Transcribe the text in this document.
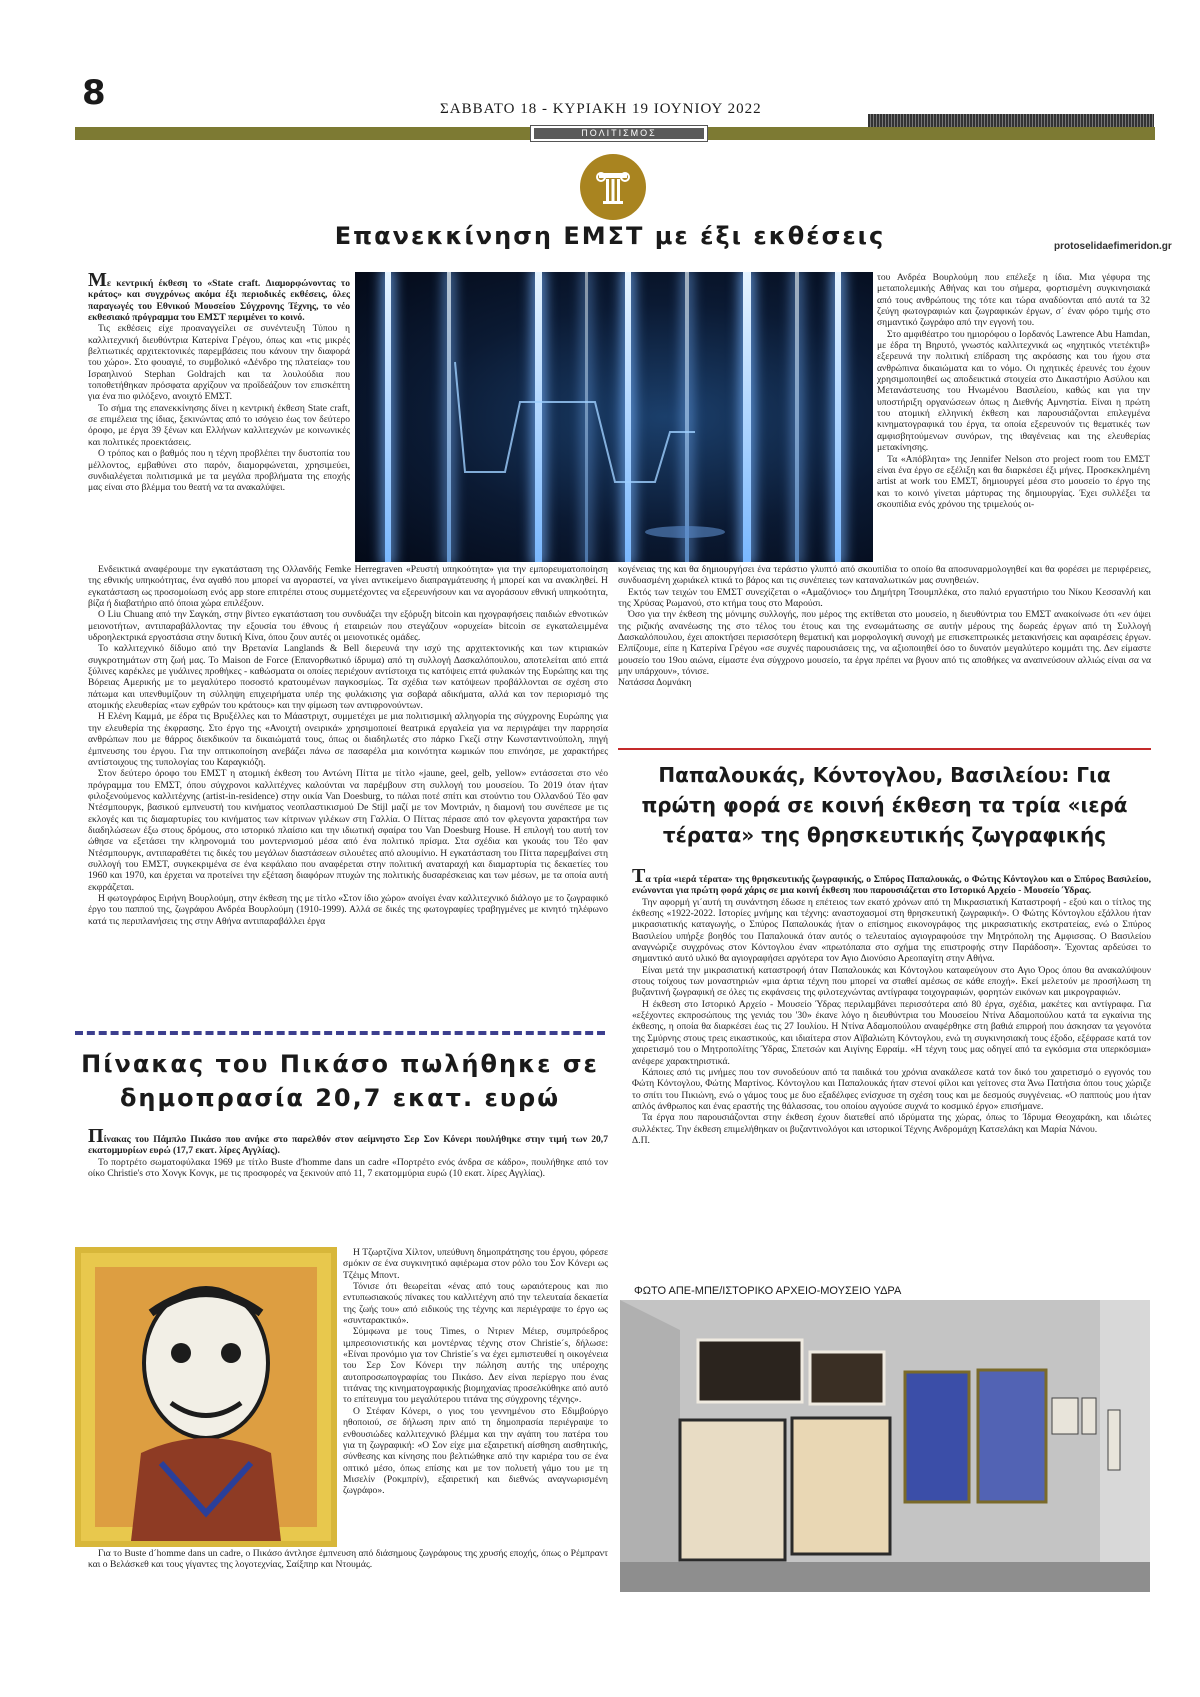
8	ΣΑΒΒΑΤΟ 18 - ΚΥΡΙΑΚΗ 19 ΙΟΥΝΙΟΥ 2022
ΠΟΛΙΤΙΣΜΟΣ
Επανεκκίνηση ΕΜΣΤ με έξι εκθέσεις	protoselidaefimeridon.gr

Με κεντρική έκθεση το «State craft. Διαμορφώνοντας το κράτος» και συγχρόνως ακόμα έξι περιοδικές εκθέσεις, όλες παραγωγές του Εθνικού Μουσείου Σύγχρονης Τέχνης, το νέο εκθεσιακό πρόγραμμα του ΕΜΣΤ περιμένει το κοινό.

Τις εκθέσεις είχε προαναγγείλει σε συνέντευξη Τύπου η καλλιτεχνική διευθύντρια Κατερίνα Γρέγου, όπως και «τις μικρές βελτιωτικές αρχιτεκτονικές παρεμβάσεις που κάνουν την διαφορά του χώρο». Στο φουαγιέ, το συμβολικό «Δένδρο της πλατείας» του Ισραηλινού Stephan Goldrajch και τα λουλούδια που τοποθετήθηκαν πρόσφατα αρχίζουν να προϊδεάζουν τον επισκέπτη για ένα πιο φιλόξενο, ανοιχτό ΕΜΣΤ.

Το σήμα της επανεκκίνησης δίνει η κεντρική έκθεση State craft, σε επιμέλεια της ίδιας, ξεκινώντας από το ισόγειο έως τον δεύτερο όροφο, με έργα 39 ξένων και Ελλήνων καλλιτεχνών με κοινωνικές και πολιτικές προεκτάσεις.

Ο τρόπος και ο βαθμός που η τέχνη προβλέπει την δυστοπία του μέλλοντος, εμβαθύνει στο παρόν, διαμορφώνεται, χρησιμεύει, συνδιαλέγεται πολιτισμικά με τα μεγάλα προβλήματα της εποχής μας είναι στο βλέμμα του θεατή να τα ανακαλύψει.

του Ανδρέα Βουρλούμη που επέλεξε η ίδια. Μια γέφυρα της μεταπολεμικής Αθήνας και του σήμερα, φορτισμένη συγκινησιακά από τους ανθρώπους της τότε και τώρα αναδύονται από αυτά τα 32 ζεύγη φωτογραφιών και ζωγραφικών έργων, σ΄ έναν φόρο τιμής στο σημαντικό ζωγράφο από την εγγονή του.

Στο αμφιθέατρο του ημιορόφου ο Ιορδανός Lawrence Abu Hamdan, με έδρα τη Βηρυτό, γνωστός καλλιτεχνικά ως «ηχητικός ντετέκτιβ» εξερευνά την πολιτική επίδραση της ακρόασης και του ήχου στα ανθρώπινα δικαιώματα και το νόμο. Οι ηχητικές έρευνές του έχουν χρησιμοποιηθεί ως αποδεικτικά στοιχεία στο Δικαστήριο Ασύλου και Μετανάστευσης του Ηνωμένου Βασιλείου, καθώς και για την υποστήριξη οργανώσεων όπως η Διεθνής Αμνηστία. Είναι η πρώτη του ατομική ελληνική έκθεση και παρουσιάζονται επιλεγμένα κινηματογραφικά του έργα, τα οποία εξερευνούν τις θεματικές των αμφισβητούμενων συνόρων, της ιθαγένειας και της ελευθερίας μετακίνησης.

Τα «Απόβλητα» της Jennifer Nelson στο project room του ΕΜΣΤ είναι ένα έργο σε εξέλιξη και θα διαρκέσει έξι μήνες. Προσκεκλημένη artist at work του ΕΜΣΤ, δημιουργεί μέσα στο μουσείο το έργο της και το κοινό γίνεται μάρτυρας της δημιουργίας. Έχει συλλέξει τα σκουπίδια ενός χρόνου της τριμελούς οι-

Ενδεικτικά αναφέρουμε την εγκατάσταση της Ολλανδής Femke Herregraven «Ρευστή υπηκοότητα» για την εμπορευματοποίηση της εθνικής υπηκοότητας, ένα αγαθό που μπορεί να αγοραστεί, να γίνει αντικείμενο διαπραγμάτευσης ή μπορεί και να ανακληθεί. Η εγκατάσταση ως προσομοίωση ενός app store επιτρέπει στους συμμετέχοντες να εξερευνήσουν και να αγοράσουν εθνική υπηκοότητα, βίζα ή διαβατήριο από όποια χώρα επιλέξουν.

Ο Liu Chuang από την Σαγκάη, στην βίντεο εγκατάσταση του συνδυάζει την εξόρυξη bitcoin και ηχογραφήσεις παιδιών εθνοτικών μειονοτήτων, αντιπαραβάλλοντας την εξουσία του έθνους ή εταιρειών που στεγάζουν «ορυχεία» bitcoin σε εγκαταλειμμένα υδροηλεκτρικά εργοστάσια στην δυτική Κίνα, όπου ζουν αυτές οι μειονοτικές ομάδες.

Το καλλιτεχνικό δίδυμο από την Βρετανία Langlands & Bell διερευνά την ισχύ της αρχιτεκτονικής και των κτιριακών συγκροτημάτων στη ζωή μας. Το Maison de Force (Επανορθωτικό ίδρυμα) από τη συλλογή Δασκαλόπουλου, αποτελείται από επτά ξύλινες καρέκλες με γυάλινες προθήκες - καθώσματα οι οποίες περιέχουν αντίστοιχα τις κατόψεις επτά φυλακών της Ευρώπης και της Βόρειας Αμερικής με το μεγαλύτερο ποσοστό κρατουμένων παγκοσμίως. Τα σχέδια των κατόψεων προβάλλονται σε σχέση στο πάτωμα και υπενθυμίζουν τη σύλληψη επιχειρήματα υπέρ της φυλάκισης για σοβαρά αδικήματα, αλλά και τον περιορισμό της ατομικής ελευθερίας «των εχθρών του κράτους» και την φίμωση των αντιφρονούντων.

Η Ελένη Καμμά, με έδρα τις Βρυξέλλες και το Μάαστριχτ, συμμετέχει με μια πολιτισμική αλληγορία της σύγχρονης Ευρώπης για την ελευθερία της έκφρασης. Στο έργο της «Ανοιχτή ονειρικά» χρησιμοποιεί θεατρικά εργαλεία για να περιγράψει την παρρησία ανθρώπων που με θάρρος διεκδικούν τα δικαιώματά τους, όπως οι διαδηλωτές στο πάρκο Γκεζί στην Κωνσταντινούπολη, πηγή έμπνευσης του έργου. Για την οπτικοποίηση ανεβάζει πάνω σε πασαρέλα μια κοινότητα κωμικών που επινόησε, με χαρακτήρες αντίστοιχους της τυπολογίας του Καραγκιόζη.

Στον δεύτερο όροφο του ΕΜΣΤ η ατομική έκθεση του Αντώνη Πίττα με τίτλο «jaune, geel, gelb, yellow» εντάσσεται στο νέο πρόγραμμα του ΕΜΣΤ, όπου σύγχρονοι καλλιτέχνες καλούνται να παρέμβουν στη συλλογή του μουσείου. Το 2019 όταν ήταν φιλοξενούμενος καλλιτέχνης (artist-in-residence) στην οικία Van Doesburg, το πάλαι ποτέ σπίτι και στούντιο του Ολλανδού Τέο φαν Ντέσμπουργκ, βασικού εμπνευστή του κινήματος νεοπλαστικισμού De Stijl μαζί με τον Μοντριάν, η διαμονή του συνέπεσε με τις εκλογές και τις διαμαρτυρίες του κινήματος των κίτρινων γιλέκων στη Γαλλία. Ο Πίττας πέρασε από τον φλεγοντα χαρακτήρα των διαδηλώσεων έξω στους δρόμους, στο ιστορικό πλαίσιο και την ιδιωτική σφαίρα του Van Doesburg House. Η επιλογή του αυτή τον ώθησε να εξετάσει την κληρονομιά του μοντερνισμού μέσα από ένα πολιτικό πρίσμα. Στα σχέδια και γκουάς του Τέο φαν Ντέσμπουργκ, αντιπαραθέτει τις δικές του μεγάλων διαστάσεων σιλουέτες από αλουμίνιο. Η εγκατάσταση του Πίττα παρεμβαίνει στη συλλογή του ΕΜΣΤ, συγκεκριμένα σε ένα κεφάλαιο που αναφέρεται στην πολιτική αναταραχή και διαμαρτυρία τις δεκαετίες του 1960 και 1970, και έρχεται να προτείνει την εξέταση διαφόρων πτυχών της πολιτικής δυσαρέσκειας και των μέσων, με τα οποία αυτή εκφράζεται.

Η φωτογράφος Ειρήνη Βουρλούμη, στην έκθεση της με τίτλο «Στον ίδιο χώρο» ανοίγει έναν καλλιτεχνικό διάλογο με το ζωγραφικό έργο του παππού της, ζωγράφου Ανδρέα Βουρλούμη (1910-1999). Αλλά σε δικές της φωτογραφίες τραβηγμένες με κινητό τηλέφωνο κατά τις περιπλανήσεις της στην Αθήνα αντιπαραβάλλει έργα

κογένειας της και θα δημιουργήσει ένα τεράστιο γλυπτό από σκουπίδια το οποίο θα αποσυναρμολογηθεί και θα φορέσει με περιφέρειες, συνδυασμένη χωριάκελ κτικά το βάρος και τις συνέπειες των καταναλωτικών μας συνηθειών.

Εκτός των τειχών του ΕΜΣΤ συνεχίζεται ο «Αμαζόνιος» του Δημήτρη Τσουμπλέκα, στο παλιό εργαστήριο του Νίκου Κεσσανλή και της Χρύσας Ρωμανού, στο κτήμα τους στο Μαρούσι.

Όσο για την έκθεση της μόνιμης συλλογής, που μέρος της εκτίθεται στο μουσείο, η διευθύντρια του ΕΜΣΤ ανακοίνωσε ότι «εν όψει της ριζικής ανανέωσης της στο τέλος του έτους και της ενσωμάτωσης σε αυτήν μέρους της δωρεάς έργων από τη Συλλογή Δασκαλόπουλου, έχει αποκτήσει περισσότερη θεματική και μορφολογική συνοχή με επισκεπτρωικές μετακινήσεις και αφαιρέσεις έργων. Ελπίζουμε, είπε η Κατερίνα Γρέγου «σε συχνές παρουσιάσεις της, να αξιοποιηθεί όσο το δυνατόν μεγαλύτερο κομμάτι της. Δεν είμαστε μουσείο του 19ου αιώνα, είμαστε ένα σύγχρονο μουσείο, τα έργα πρέπει να βγουν από τις αποθήκες να αναπνεύσουν αλλιώς είναι σα να μην υπάρχουν», τόνισε.

Νατάσσα Δομνάκη

Πίνακας του Πικάσο πωλήθηκε σε δημοπρασία 20,7 εκατ. ευρώ

Πίνακας του Πάμπλο Πικάσο που ανήκε στο παρελθόν στον αείμνηστο Σερ Σον Κόνερι πουλήθηκε στην τιμή των 20,7 εκατομμυρίων ευρώ (17,7 εκατ. λίρες Αγγλίας).

Το πορτρέτο σωματοφύλακα 1969 με τίτλο Buste d'homme dans un cadre «Πορτρέτο ενός άνδρα σε κάδρο», πουλήθηκε από τον οίκο Christie's στο Χονγκ Κονγκ, με τις προσφορές να ξεκινούν από 11, 7 εκατομμύρια ευρώ (10 εκατ. λίρες Αγγλίας).

Η Τζωρτζίνα Χίλτον, υπεύθυνη δημοπράτησης του έργου, φόρεσε σμόκιν σε ένα συγκινητικό αφιέρωμα στον ρόλο του Σον Κόνερι ως Τζέιμς Μποντ.

Τόνισε ότι θεωρείται «ένας από τους ωραιότερους και πιο εντυπωσιακούς πίνακες του καλλιτέχνη από την τελευταία δεκαετία της ζωής του» από ειδικούς της τέχνης και περιέγραψε το έργο ως «συνταρακτικό».

Σύμφωνα με τους Times, ο Ντριεν Μέιερ, συμπρόεδρος ιμπρεσιονιστικής και μοντέρνας τέχνης στον Christie´s, δήλωσε: «Είναι προνόμιο για τον Christie´s να έχει εμπιστευθεί η οικογένεια του Σερ Σον Κόνερι την πώληση αυτής της υπέροχης αυτοπροσωπογραφίας του Πικάσο. Δεν είναι περίεργο που ένας τιτάνας της κινηματογραφικής βιομηχανίας προσελκύθηκε από αυτό το επίτευγμα του μεγαλύτερου τιτάνα της σύγχρονης τέχνης».

Ο Στέφαν Κόνερι, ο γιος του γεννημένου στο Εδιμβούργο ηθοποιού, σε δήλωση πριν από τη δημοπρασία περιέγραψε το ενθουσιώδες καλλιτεχνικό βλέμμα και την αγάπη του πατέρα του για τη ζωγραφική: «Ο Σον είχε μια εξαιρετική αίσθηση αισθητικής, σύνθεσης και κίνησης που βελτιώθηκε από την καριέρα του σε ένα οπτικό μέσο, όπως επίσης και με τον πολυετή γάμο του με τη Μισελίν (Ροκμπρίν), εξαιρετική και διεθνώς αναγνωρισμένη ζωγράφο».

Για το Buste d´homme dans un cadre, ο Πικάσο άντλησε έμπνευση από διάσημους ζωγράφους της χρυσής εποχής, όπως ο Ρέμπραντ και ο Βελάσκεθ και τους γίγαντες της λογοτεχνίας, Σαίξπηρ και Ντουμάς.

Παπαλουκάς, Κόντογλου, Βασιλείου: Για πρώτη φορά σε κοινή έκθεση τα τρία «ιερά τέρατα» της θρησκευτικής ζωγραφικής

Τα τρία «ιερά τέρατα» της θρησκευτικής ζωγραφικής, ο Σπύρος Παπαλουκάς, ο Φώτης Κόντογλου και ο Σπύρος Βασιλείου, ενώνονται για πρώτη φορά χάρις σε μια κοινή έκθεση που παρουσιάζεται στο Ιστορικό Αρχείο - Μουσείο Ύδρας.

Την αφορμή γι΄αυτή τη συνάντηση έδωσε η επέτειος των εκατό χρόνων από τη Μικρασιατική Καταστροφή - εξού και ο τίτλος της έκθεσης «1922-2022. Ιστορίες μνήμης και τέχνης: αναστοχασμοί στη θρησκευτική ζωγραφική». Ο Φώτης Κόντογλου εξάλλου ήταν μικρασιατικής καταγωγής, ο Σπύρος Παπαλουκάς ήταν ο επίσημος εικονογράφος της μικρασιατικής εκστρατείας, ενώ ο Σπύρος Βασιλείου υπήρξε βοηθός του Παπαλουκά όταν αυτός ο τελευταίος αγιογραφούσε την Μητρόπολη της Αμφισσας. Ο Βασιλείου αναγνώριζε συγχρόνως στον Κόντογλου έναν «πρωτόπαπα στο σχήμα της επιστροφής στην Παράδοση». Έχοντας αρδεύσει το σημαντικό αυτό υλικό θα αγιογραφήσει αργότερα τον Αγιο Διονύσιο Αρεοπαγίτη στην Αθήνα.

Είναι μετά την μικρασιατική καταστροφή όταν Παπαλουκάς και Κόντογλου καταφεύγουν στο Αγιο Όρος όπου θα ανακαλύψουν στους τοίχους των μοναστηριών «μια άρτια τέχνη που μπορεί να σταθεί αμέσως σε κάθε εποχή». Εκεί μελετούν με προσήλωση τη βυζαντινή ζωγραφική σε όλες τις εκφάνσεις της φιλοτεχνώντας αντίγραφα τοιχογραφιών, φορητών εικόνων και μικρογραφιών.

Η έκθεση στο Ιστορικό Αρχείο - Μουσείο Ύδρας περιλαμβάνει περισσότερα από 80 έργα, σχέδια, μακέτες και αντίγραφα. Για «εξέχοντες εκπροσώπους της γενιάς του '30» έκανε λόγο η διευθύντρια του Μουσείου Ντίνα Αδαμοπούλου κατά τα εγκαίνια της έκθεσης, η οποία θα διαρκέσει έως τις 27 Ιουλίου. Η Ντίνα Αδαμοπούλου αναφέρθηκε στη βαθιά επιρροή που άσκησαν τα γεγονότα της Σμύρνης στους τρεις εικαστικούς, και ιδιαίτερα στον Αϊβαλιώτη Κόντογλου, ενώ τη συγκινησιακή τους έξοδο, εξέφρασε κατά τον χαιρετισμό του ο Μητροπολίτης Ύδρας, Σπετσών και Αιγίνης Εφραίμ. «Η τέχνη τους μας οδηγεί από τα εγκόσμια στα υπερκόσμια» ανέφερε χαρακτηριστικά.

Κάποιες από τις μνήμες που τον συνοδεύουν από τα παιδικά του χρόνια ανακάλεσε κατά τον δικό του χαιρετισμό ο εγγονός του Φώτη Κόντογλου, Φώτης Μαρτίνος. Κόντογλου και Παπαλουκάς ήταν στενοί φίλοι και γείτονες στα Άνω Πατήσια όπου τους χώριζε το σπίτι του Πικιώνη, ενώ ο γάμος τους με δυο εξαδέλφες ενίσχυσε τη σχέση τους και με δεσμούς συγγένειας. «Ο παππούς μου ήταν απλός άνθρωπος και ένας εραστής της θάλασσας, του οποίου αγγούσε συχνά το κοσμικό έργο» επισήμανε.

Τα έργα που παρουσιάζονται στην έκθεση έχουν διατεθεί από ιδρύματα της χώρας, όπως το Ίδρυμα Θεοχαράκη, και ιδιώτες συλλέκτες. Την έκθεση επιμελήθηκαν οι βυζαντινολόγοι και ιστορικοί Τέχνης Ανδρομάχη Κατσελάκη και Μαρία Νάνου.

Δ.Π.

ΦΩΤΟ ΑΠΕ-ΜΠΕ/ΙΣΤΟΡΙΚΟ ΑΡΧΕΙΟ-ΜΟΥΣΕΙΟ ΥΔΡΑ
